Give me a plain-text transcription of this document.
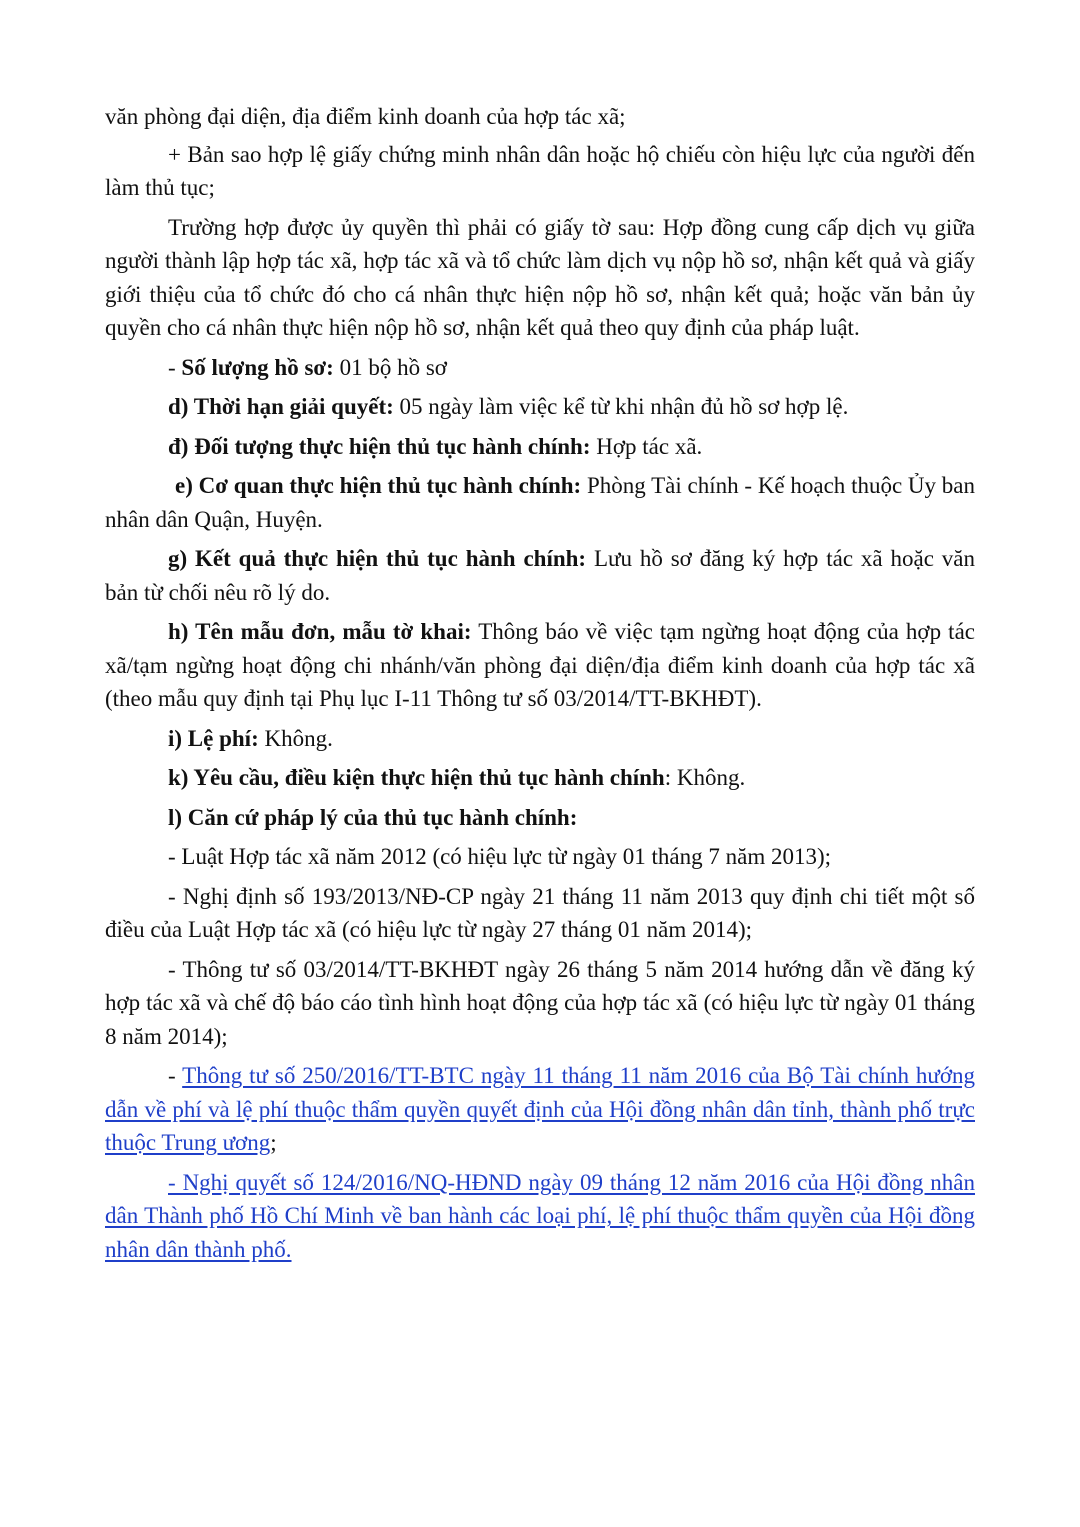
văn phòng đại diện, địa điểm kinh doanh của hợp tác xã;

+ Bản sao hợp lệ giấy chứng minh nhân dân hoặc hộ chiếu còn hiệu lực của người đến làm thủ tục;

Trường hợp được ủy quyền thì phải có giấy tờ sau: Hợp đồng cung cấp dịch vụ giữa người thành lập hợp tác xã, hợp tác xã và tổ chức làm dịch vụ nộp hồ sơ, nhận kết quả và giấy giới thiệu của tổ chức đó cho cá nhân thực hiện nộp hồ sơ, nhận kết quả; hoặc văn bản ủy quyền cho cá nhân thực hiện nộp hồ sơ, nhận kết quả theo quy định của pháp luật.

- Số lượng hồ sơ: 01 bộ hồ sơ

d) Thời hạn giải quyết: 05 ngày làm việc kể từ khi nhận đủ hồ sơ hợp lệ.

đ) Đối tượng thực hiện thủ tục hành chính: Hợp tác xã.

e) Cơ quan thực hiện thủ tục hành chính: Phòng Tài chính - Kế hoạch thuộc Ủy ban nhân dân Quận, Huyện.

g) Kết quả thực hiện thủ tục hành chính: Lưu hồ sơ đăng ký hợp tác xã hoặc văn bản từ chối nêu rõ lý do.

h) Tên mẫu đơn, mẫu tờ khai: Thông báo về việc tạm ngừng hoạt động của hợp tác xã/tạm ngừng hoạt động chi nhánh/văn phòng đại diện/địa điểm kinh doanh của hợp tác xã (theo mẫu quy định tại Phụ lục I-11 Thông tư số 03/2014/TT-BKHĐT).

i) Lệ phí: Không.

k) Yêu cầu, điều kiện thực hiện thủ tục hành chính: Không.

l) Căn cứ pháp lý của thủ tục hành chính:

- Luật Hợp tác xã năm 2012 (có hiệu lực từ ngày 01 tháng 7 năm 2013);

- Nghị định số 193/2013/NĐ-CP ngày 21 tháng 11 năm 2013 quy định chi tiết một số điều của Luật Hợp tác xã (có hiệu lực từ ngày 27 tháng 01 năm 2014);

- Thông tư số 03/2014/TT-BKHĐT ngày 26 tháng 5 năm 2014 hướng dẫn về đăng ký hợp tác xã và chế độ báo cáo tình hình hoạt động của hợp tác xã (có hiệu lực từ ngày 01 tháng 8 năm 2014);

- Thông tư số 250/2016/TT-BTC ngày 11 tháng 11 năm 2016 của Bộ Tài chính hướng dẫn về phí và lệ phí thuộc thẩm quyền quyết định của Hội đồng nhân dân tỉnh, thành phố trực thuộc Trung ương;

- Nghị quyết số 124/2016/NQ-HĐND ngày 09 tháng 12 năm 2016 của Hội đồng nhân dân Thành phố Hồ Chí Minh về ban hành các loại phí, lệ phí thuộc thẩm quyền của Hội đồng nhân dân thành phố.
